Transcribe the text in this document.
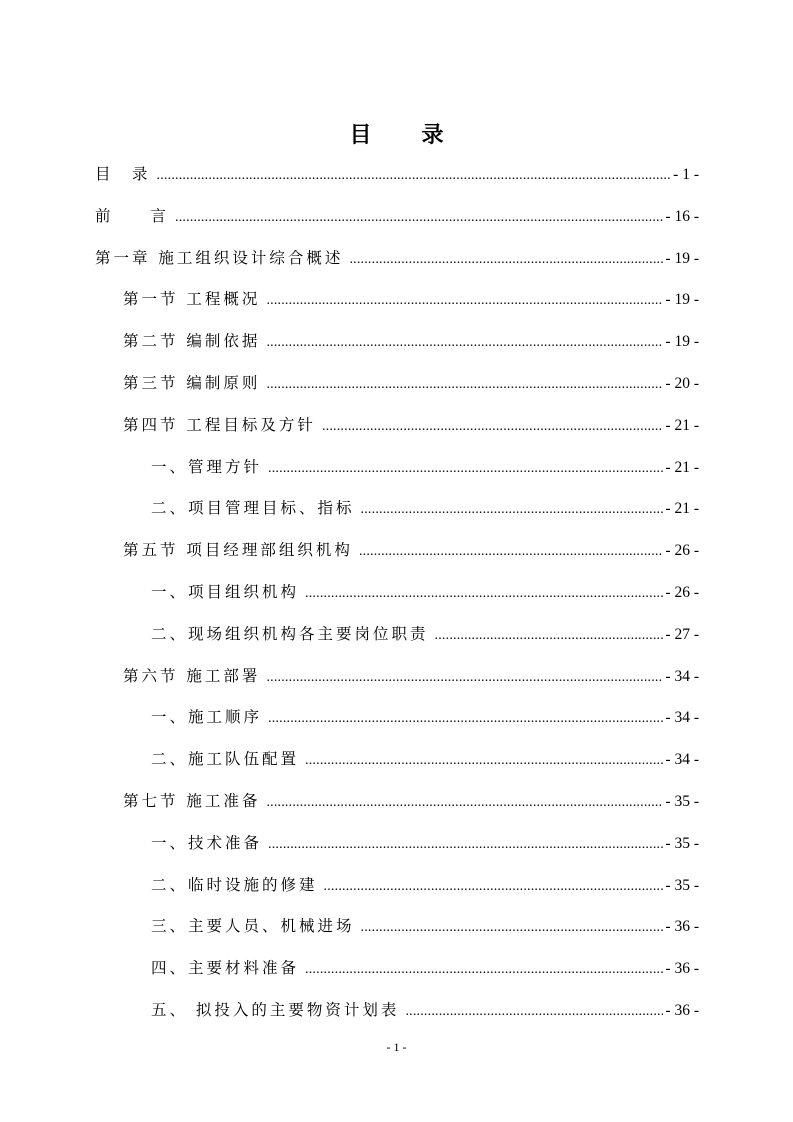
目　录
目　录 .....	- 1 -
前　　言 .....	- 16 -
第一章 施工组织设计综合概述 .....	- 19 -
第一节 工程概况 .....	- 19 -
第二节 编制依据 .....	- 19 -
第三节 编制原则 .....	- 20 -
第四节 工程目标及方针 .....	- 21 -
一、管理方针 .....	- 21 -
二、项目管理目标、指标 .....	- 21 -
第五节 项目经理部组织机构 .....	- 26 -
一、项目组织机构 .....	- 26 -
二、现场组织机构各主要岗位职责 .....	- 27 -
第六节 施工部署 .....	- 34 -
一、施工顺序 .....	- 34 -
二、施工队伍配置 .....	- 34 -
第七节 施工准备 .....	- 35 -
一、技术准备 .....	- 35 -
二、临时设施的修建 .....	- 35 -
三、主要人员、机械进场 .....	- 36 -
四、主要材料准备 .....	- 36 -
五、 拟投入的主要物资计划表 .....	- 36 -
- 1 -
